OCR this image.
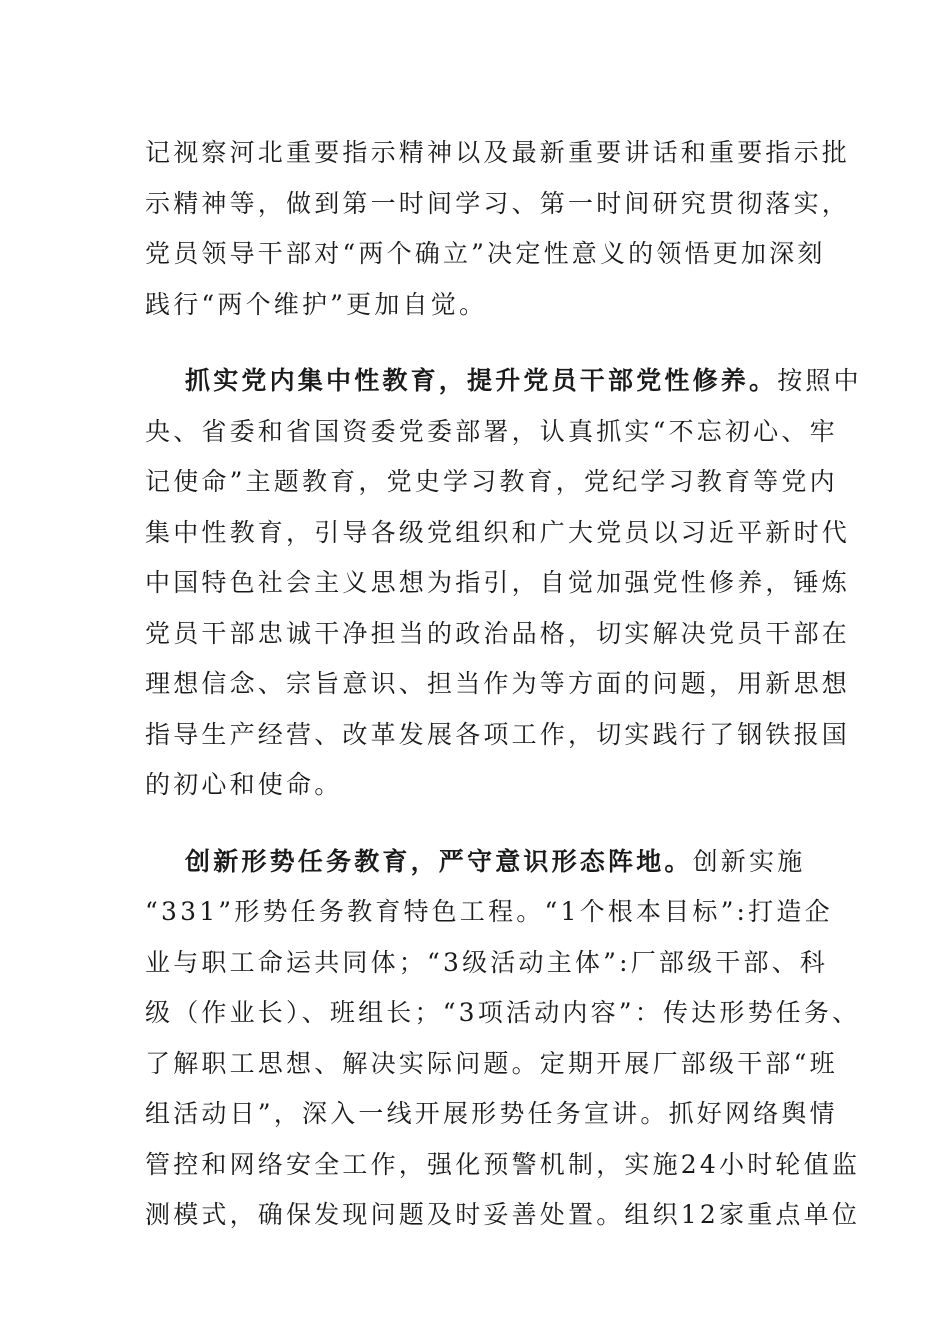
记视察河北重要指示精神以及最新重要讲话和重要指示批
示精神等，做到第一时间学习、第一时间研究贯彻落实，
党员领导干部对“两个确立”决定性意义的领悟更加深刻
践行“两个维护”更加自觉。
抓实党内集中性教育，提升党员干部党性修养。按照中
央、省委和省国资委党委部署，认真抓实“不忘初心、牢
记使命”主题教育，党史学习教育，党纪学习教育等党内
集中性教育，引导各级党组织和广大党员以习近平新时代
中国特色社会主义思想为指引，自觉加强党性修养，锤炼
党员干部忠诚干净担当的政治品格，切实解决党员干部在
理想信念、宗旨意识、担当作为等方面的问题，用新思想
指导生产经营、改革发展各项工作，切实践行了钢铁报国
的初心和使命。
创新形势任务教育，严守意识形态阵地。创新实施
“331”形势任务教育特色工程。“1个根本目标”:打造企
业与职工命运共同体；“3级活动主体”:厂部级干部、科
级（作业长）、班组长；“3项活动内容”：传达形势任务、
了解职工思想、解决实际问题。定期开展厂部级干部“班
组活动日”，深入一线开展形势任务宣讲。抓好网络舆情
管控和网络安全工作，强化预警机制，实施24小时轮值监
测模式，确保发现问题及时妥善处置。组织12家重点单位
